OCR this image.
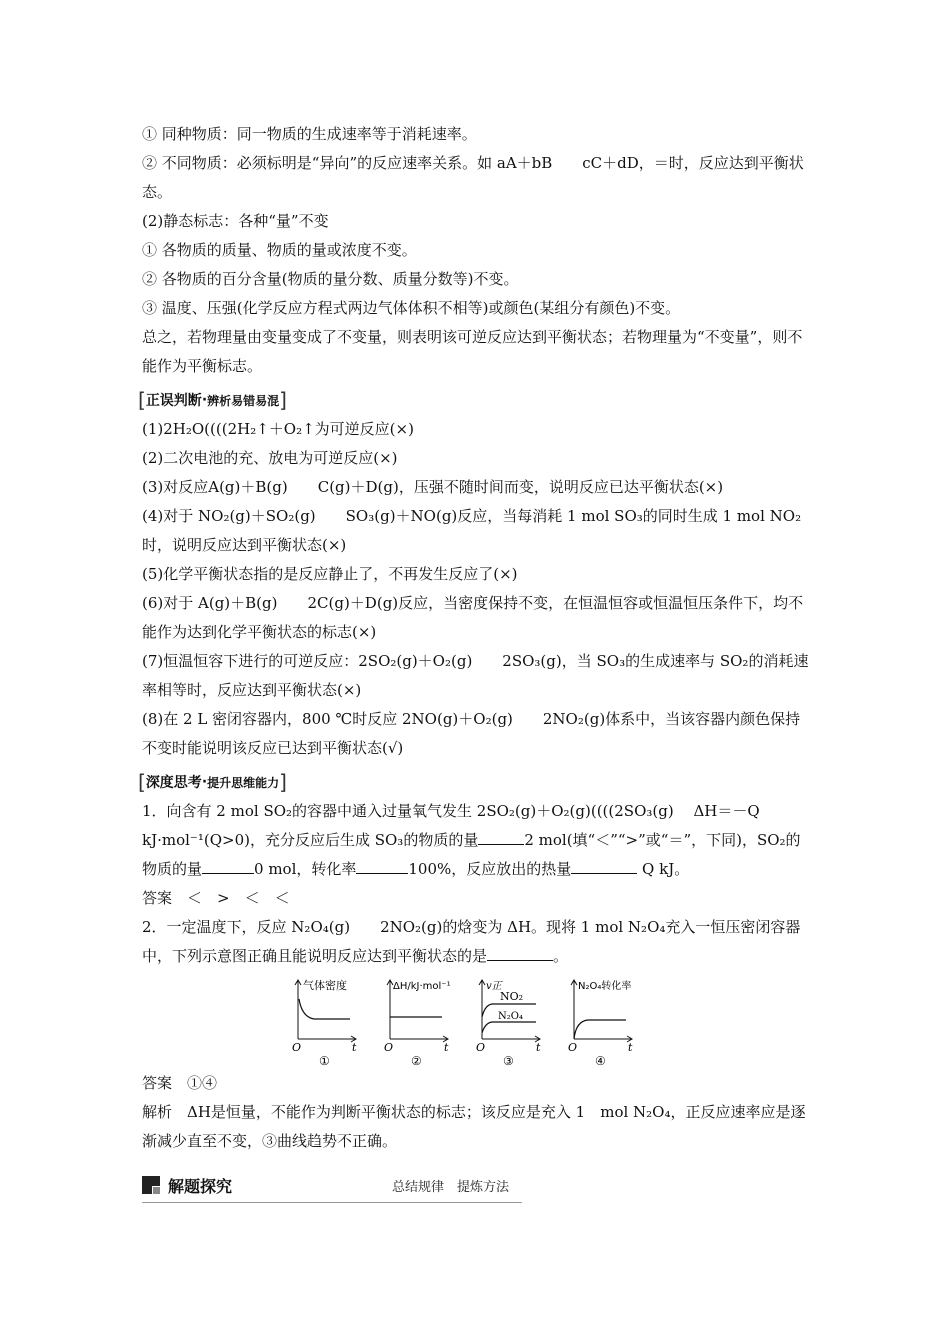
① 同种物质：同一物质的生成速率等于消耗速率。

② 不同物质：必须标明是“异向”的反应速率关系。如 aA＋bB　　cC＋dD，＝时，反应达到平衡状态。

(2)静态标志：各种“量”不变

① 各物质的质量、物质的量或浓度不变。

② 各物质的百分含量(物质的量分数、质量分数等)不变。

③ 温度、压强(化学反应方程式两边气体体积不相等)或颜色(某组分有颜色)不变。

总之，若物理量由变量变成了不变量，则表明该可逆反应达到平衡状态；若物理量为“不变量”，则不能作为平衡标志。

[ 正误判断 · 辨析易错易混 ]

(1)2H₂O((((2H₂↑＋O₂↑为可逆反应(×)

(2)二次电池的充、放电为可逆反应(×)

(3)对反应A(g)＋B(g)　　C(g)＋D(g)，压强不随时间而变，说明反应已达平衡状态(×)

(4)对于 NO₂(g)＋SO₂(g)　　SO₃(g)＋NO(g)反应，当每消耗 1 mol SO₃的同时生成 1 mol NO₂时，说明反应达到平衡状态(×)

(5)化学平衡状态指的是反应静止了，不再发生反应了(×)

(6)对于 A(g)＋B(g)　　2C(g)＋D(g)反应，当密度保持不变，在恒温恒容或恒温恒压条件下，均不能作为达到化学平衡状态的标志(×)

(7)恒温恒容下进行的可逆反应：2SO₂(g)＋O₂(g)　　2SO₃(g)，当 SO₃的生成速率与 SO₂的消耗速率相等时，反应达到平衡状态(×)

(8)在 2 L 密闭容器内，800 ℃时反应 2NO(g)＋O₂(g)　　2NO₂(g)体系中，当该容器内颜色保持不变时能说明该反应已达到平衡状态(√)

[ 深度思考 · 提升思维能力 ]

1．向含有 2 mol SO₂的容器中通入过量氧气发生 2SO₂(g)＋O₂(g)((((2SO₃(g)　 ΔH＝－Q kJ·mol⁻¹(Q>0)，充分反应后生成 SO₃的物质的量	2 mol(填“＜”“>”或“＝”，下同)，SO₂的物质的量	0 mol，转化率	100%，反应放出的热量	Q kJ。

答案　＜　>　＜　＜

2．一定温度下，反应 N₂O₄(g)　　2NO₂(g)的焓变为 ΔH。现将 1 mol N₂O₄充入一恒压密闭容器中，下列示意图正确且能说明反应达到平衡状态的是	。

气体密度
O	t
①
ΔH/kJ·mol⁻¹
O	t
②
v正
NO₂
N₂O₄
O	t
③
N₂O₄转化率
O	t
④

答案　①④

解析　ΔH是恒量，不能作为判断平衡状态的标志；该反应是充入 1　mol N₂O₄，正反应速率应是逐渐减少直至不变，③曲线趋势不正确。

解题探究	总结规律　提炼方法
